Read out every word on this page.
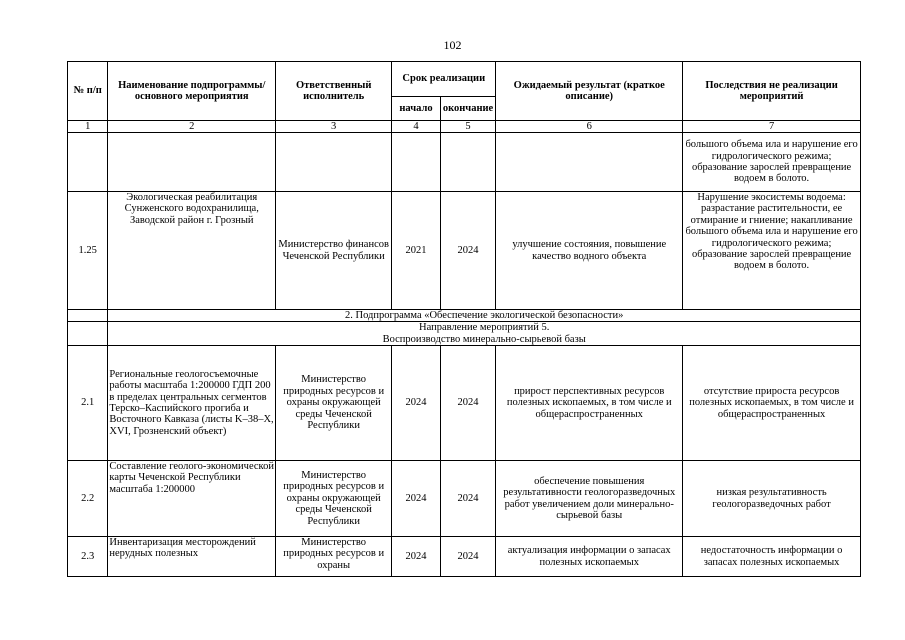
102
№ п/п	Наименование подпрограммы/ основного мероприятия	Ответственный исполнитель	Срок реализации		Ожидаемый результат (краткое описание)	Последствия не реализации мероприятий
			начало	окончание		
1	2	3	4	5	6	7
						большого объема ила и нарушение его гидрологического режима; образование зарослей превращение водоем в болото.
1.25	Экологическая реабилитация Сунженского водохранилища, Заводской район г. Грозный	Министерство финансов Чеченской Республики	2021	2024	улучшение состояния, повышение качество водного объекта	Нарушение экосистемы водоема: разрастание растительности, ее отмирание и гниение; накапливание большого объема ила и нарушение его гидрологического режима; образование зарослей превращение водоем в болото.
	2. Подпрограмма «Обеспечение экологической безопасности»					
	Направление мероприятий 5.
Воспроизводство минерально-сырьевой базы					
2.1	Региональные геологосъемочные работы масштаба 1:200000 ГДП 200 в пределах центральных сегментов Терско–Каспийского прогиба и Восточного Кавказа (листы K–38–X, XVI, Грозненский объект)	Министерство природных ресурсов и охраны окружающей среды Чеченской Республики	2024	2024	прирост перспективных ресурсов полезных ископаемых, в том числе и общераспространенных	отсутствие прироста ресурсов полезных ископаемых, в том числе и общераспространенных
2.2	Составление геолого-экономической карты Чеченской Республики масштаба 1:200000	Министерство природных ресурсов и охраны окружающей среды Чеченской Республики	2024	2024	обеспечение повышения результативности геологоразведочных работ увеличением доли минерально-сырьевой базы	низкая результативность геологоразведочных работ
2.3	Инвентаризация месторождений нерудных полезных	Министерство природных ресурсов и охраны	2024	2024	актуализация информации о запасах полезных ископаемых	недостаточность информации о запасах полезных ископаемых
